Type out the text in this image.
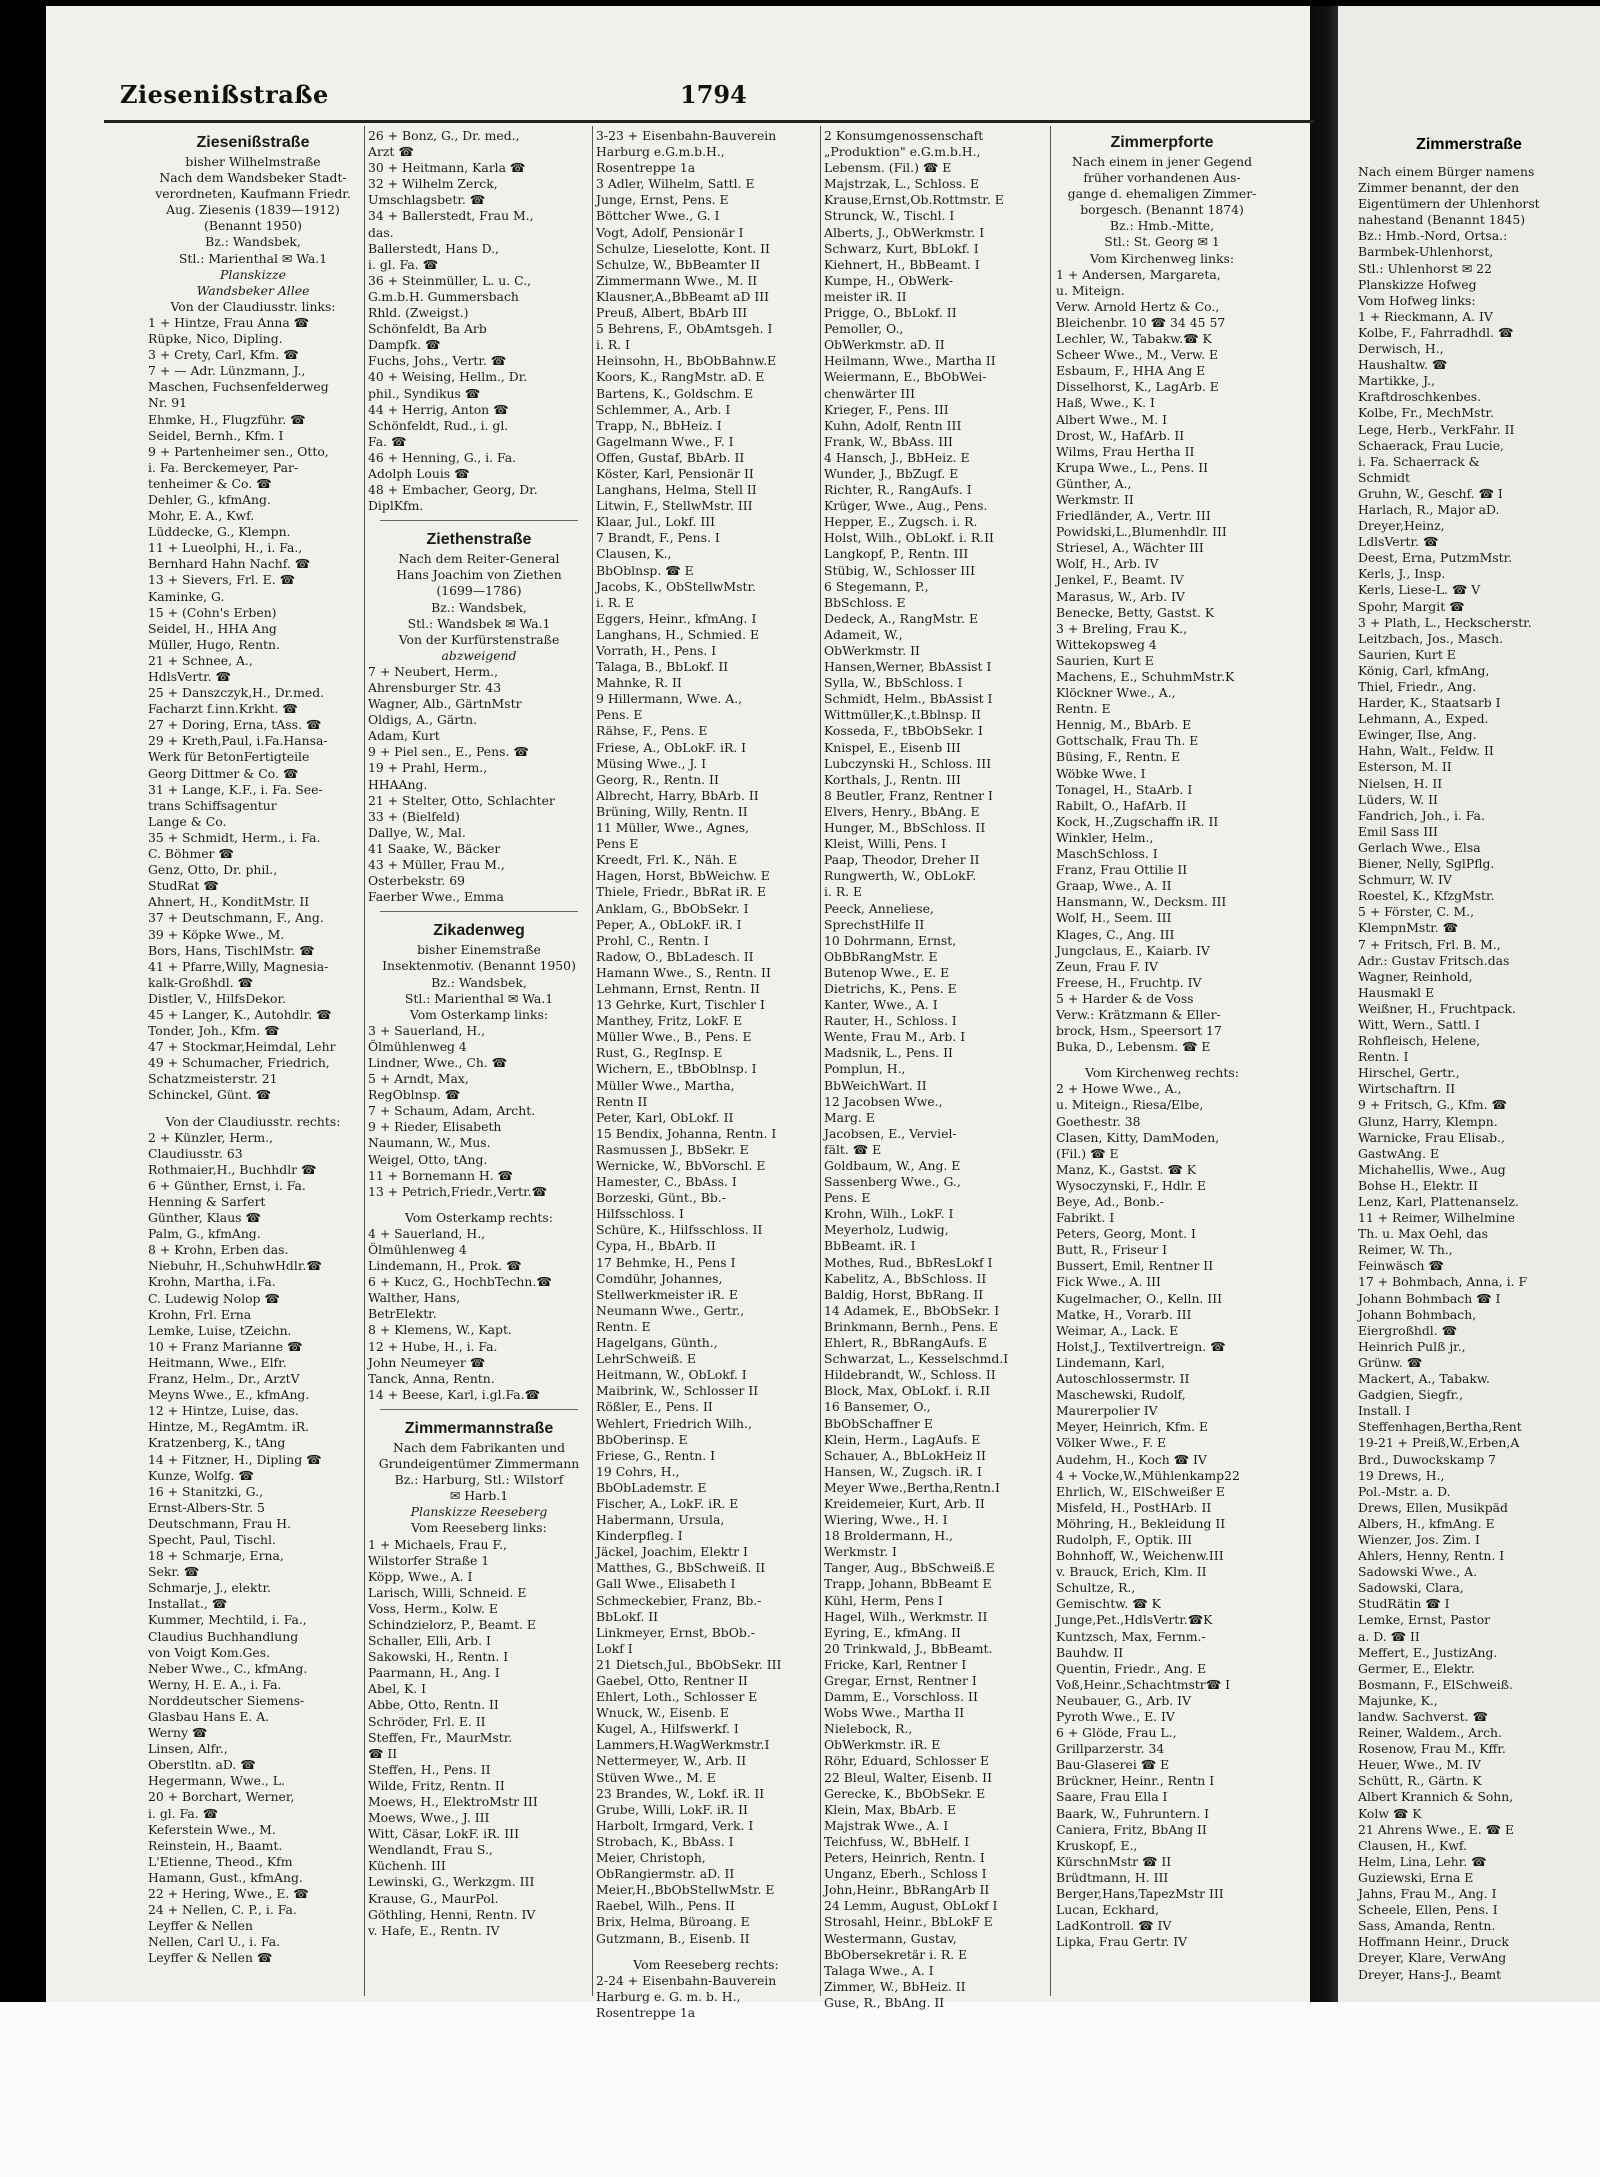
Zimmerstraße
Nach einem Bürger namens
Zimmer benannt, der den
Eigentümern der Uhlenhorst
nahestand (Benannt 1845)
Bz.: Hmb.-Nord, Ortsa.:
Barmbek-Uhlenhorst,
Stl.: Uhlenhorst ✉ 22
Planskizze Hofweg
Vom Hofweg links:
1 + Rieckmann, A. IV
Kolbe, F., Fahrradhdl. ☎
Derwisch, H.,
Haushaltw. ☎
Martikke, J.,
Kraftdroschkenbes.
Kolbe, Fr., MechMstr.
Lege, Herb., VerkFahr. II
Schaerack, Frau Lucie,
i. Fa. Schaerrack &
Schmidt
Gruhn, W., Geschf. ☎ I
Harlach, R., Major aD.
Dreyer,Heinz,
LdlsVertr. ☎
Deest, Erna, PutzmMstr.
Kerls, J., Insp.
Kerls, Liese-L. ☎ V
Spohr, Margit ☎
3 + Plath, L., Heckscherstr.
Leitzbach, Jos., Masch.
Saurien, Kurt E
König, Carl, kfmAng,
Thiel, Friedr., Ang.
Harder, K., Staatsarb I
Lehmann, A., Exped.
Ewinger, Ilse, Ang.
Hahn, Walt., Feldw. II
Esterson, M. II
Nielsen, H. II
Lüders, W. II
Fandrich, Joh., i. Fa.
Emil Sass III
Gerlach Wwe., Elsa
Biener, Nelly, SglPflg.
Schmurr, W. IV
Roestel, K., KfzgMstr.
5 + Förster, C. M.,
KlempnMstr. ☎
7 + Fritsch, Frl. B. M.,
Adr.: Gustav Fritsch.das
Wagner, Reinhold,
Hausmakl E
Weißner, H., Fruchtpack.
Witt, Wern., Sattl. I
Rohfleisch, Helene,
Rentn. I
Hirschel, Gertr.,
Wirtschaftrn. II
9 + Fritsch, G., Kfm. ☎
Glunz, Harry, Klempn.
Warnicke, Frau Elisab.,
GastwAng. E
Michahellis, Wwe., Aug
Bohse H., Elektr. II
Lenz, Karl, Plattenanselz.
11 + Reimer, Wilhelmine
Th. u. Max Oehl, das
Reimer, W. Th.,
Feinwäsch ☎
17 + Bohmbach, Anna, i. F
Johann Bohmbach ☎ I
Johann Bohmbach,
Eiergroßhdl. ☎
Heinrich Pulß jr.,
Grünw. ☎
Mackert, A., Tabakw.
Gadgien, Siegfr.,
Install. I
Steffenhagen,Bertha,Rent
19-21 + Preiß,W.,Erben,A
Brd., Duwockskamp 7
19 Drews, H.,
Pol.-Mstr. a. D.
Drews, Ellen, Musikpäd
Albers, H., kfmAng. E
Wienzer, Jos. Zim. I
Ahlers, Henny, Rentn. I
Sadowski Wwe., A.
Sadowski, Clara,
StudRätin ☎ I
Lemke, Ernst, Pastor
a. D. ☎ II
Meffert, E., JustizAng.
Germer, E., Elektr.
Bosmann, F., ElSchweiß.
Majunke, K.,
landw. Sachverst. ☎
Reiner, Waldem., Arch.
Rosenow, Frau M., Kffr.
Heuer, Wwe., M. IV
Schütt, R., Gärtn. K
Albert Krannich & Sohn,
Kolw ☎ K
21 Ahrens Wwe., E. ☎ E
Clausen, H., Kwf.
Helm, Lina, Lehr. ☎
Guziewski, Erna E
Jahns, Frau M., Ang. I
Scheele, Ellen, Pens. I
Sass, Amanda, Rentn.
Hoffmann Heinr., Druck
Dreyer, Klare, VerwAng
Dreyer, Hans-J., Beamt
Ziesenißstraße	1794
Ziesenißstraße
bisher Wilhelmstraße
Nach dem Wandsbeker Stadt-
verordneten, Kaufmann Friedr.
Aug. Ziesenis (1839—1912)
(Benannt 1950)
Bz.: Wandsbek,
Stl.: Marienthal ✉ Wa.1
Planskizze
Wandsbeker Allee
Von der Claudiusstr. links:
1 + Hintze, Frau Anna ☎
Rüpke, Nico, Dipling.
3 + Crety, Carl, Kfm. ☎
7 + — Adr. Lünzmann, J.,
Maschen, Fuchsenfelderweg
Nr. 91
Ehmke, H., Flugzführ. ☎
Seidel, Bernh., Kfm. I
9 + Partenheimer sen., Otto,
i. Fa. Berckemeyer, Par-
tenheimer & Co. ☎
Dehler, G., kfmAng.
Mohr, E. A., Kwf.
Lüddecke, G., Klempn.
11 + Lueolphi, H., i. Fa.,
Bernhard Hahn Nachf. ☎
13 + Sievers, Frl. E. ☎
Kaminke, G.
15 + (Cohn's Erben)
Seidel, H., HHA Ang
Müller, Hugo, Rentn.
21 + Schnee, A.,
HdlsVertr. ☎
25 + Danszczyk,H., Dr.med.
Facharzt f.inn.Krkht. ☎
27 + Doring, Erna, tAss. ☎
29 + Kreth,Paul, i.Fa.Hansa-
Werk für BetonFertigteile
Georg Dittmer & Co. ☎
31 + Lange, K.F., i. Fa. See-
trans Schiffsagentur
Lange & Co.
35 + Schmidt, Herm., i. Fa.
C. Böhmer ☎
Genz, Otto, Dr. phil.,
StudRat ☎
Ahnert, H., KonditMstr. II
37 + Deutschmann, F., Ang.
39 + Köpke Wwe., M.
Bors, Hans, TischlMstr. ☎
41 + Pfarre,Willy, Magnesia-
kalk-Großhdl. ☎
Distler, V., HilfsDekor.
45 + Langer, K., Autohdlr. ☎
Tonder, Joh., Kfm. ☎
47 + Stockmar,Heimdal, Lehr
49 + Schumacher, Friedrich,
Schatzmeisterstr. 21
Schinckel, Günt. ☎
Von der Claudiusstr. rechts:
2 + Künzler, Herm.,
Claudiusstr. 63
Rothmaier,H., Buchhdlr ☎
6 + Günther, Ernst, i. Fa.
Henning & Sarfert
Günther, Klaus ☎
Palm, G., kfmAng.
8 + Krohn, Erben das.
Niebuhr, H.,SchuhwHdlr.☎
Krohn, Martha, i.Fa.
C. Ludewig Nolop ☎
Krohn, Frl. Erna
Lemke, Luise, tZeichn.
10 + Franz Marianne ☎
Heitmann, Wwe., Elfr.
Franz, Helm., Dr., ArztV
Meyns Wwe., E., kfmAng.
12 + Hintze, Luise, das.
Hintze, M., RegAmtm. iR.
Kratzenberg, K., tAng
14 + Fitzner, H., Dipling ☎
Kunze, Wolfg. ☎
16 + Stanitzki, G.,
Ernst-Albers-Str. 5
Deutschmann, Frau H.
Specht, Paul, Tischl.
18 + Schmarje, Erna,
Sekr. ☎
Schmarje, J., elektr.
Installat., ☎
Kummer, Mechtild, i. Fa.,
Claudius Buchhandlung
von Voigt Kom.Ges.
Neber Wwe., C., kfmAng.
Werny, H. E. A., i. Fa.
Norddeutscher Siemens-
Glasbau Hans E. A.
Werny ☎
Linsen, Alfr.,
Oberstltn. aD. ☎
Hegermann, Wwe., L.
20 + Borchart, Werner,
i. gl. Fa. ☎
Keferstein Wwe., M.
Reinstein, H., Baamt.
L'Etienne, Theod., Kfm
Hamann, Gust., kfmAng.
22 + Hering, Wwe., E. ☎
24 + Nellen, C. P., i. Fa.
Leyffer & Nellen
Nellen, Carl U., i. Fa.
Leyffer & Nellen ☎
26 + Bonz, G., Dr. med.,
Arzt ☎
30 + Heitmann, Karla ☎
32 + Wilhelm Zerck,
Umschlagsbetr. ☎
34 + Ballerstedt, Frau M.,
das.
Ballerstedt, Hans D.,
i. gl. Fa. ☎
36 + Steinmüller, L. u. C.,
G.m.b.H. Gummersbach
Rhld. (Zweigst.)
Schönfeldt, Ba Arb
Dampfk. ☎
Fuchs, Johs., Vertr. ☎
40 + Weising, Hellm., Dr.
phil., Syndikus ☎
44 + Herrig, Anton ☎
Schönfeldt, Rud., i. gl.
Fa. ☎
46 + Henning, G., i. Fa.
Adolph Louis ☎
48 + Embacher, Georg, Dr.
DiplKfm.
Ziethenstraße
Nach dem Reiter-General
Hans Joachim von Ziethen
(1699—1786)
Bz.: Wandsbek,
Stl.: Wandsbek ✉ Wa.1
Von der Kurfürstenstraße
abzweigend
7 + Neubert, Herm.,
Ahrensburger Str. 43
Wagner, Alb., GärtnMstr
Oldigs, A., Gärtn.
Adam, Kurt
9 + Piel sen., E., Pens. ☎
19 + Prahl, Herm.,
HHAAng.
21 + Stelter, Otto, Schlachter
33 + (Bielfeld)
Dallye, W., Mal.
41 Saake, W., Bäcker
43 + Müller, Frau M.,
Osterbekstr. 69
Faerber Wwe., Emma
Zikadenweg
bisher Einemstraße
Insektenmotiv. (Benannt 1950)
Bz.: Wandsbek,
Stl.: Marienthal ✉ Wa.1
Vom Osterkamp links:
3 + Sauerland, H.,
Ölmühlenweg 4
Lindner, Wwe., Ch. ☎
5 + Arndt, Max,
RegOblnsp. ☎
7 + Schaum, Adam, Archt.
9 + Rieder, Elisabeth
Naumann, W., Mus.
Weigel, Otto, tAng.
11 + Bornemann H. ☎
13 + Petrich,Friedr.,Vertr.☎
Vom Osterkamp rechts:
4 + Sauerland, H.,
Ölmühlenweg 4
Lindemann, H., Prok. ☎
6 + Kucz, G., HochbTechn.☎
Walther, Hans,
BetrElektr.
8 + Klemens, W., Kapt.
12 + Hube, H., i. Fa.
John Neumeyer ☎
Tanck, Anna, Rentn.
14 + Beese, Karl, i.gl.Fa.☎
Zimmermannstraße
Nach dem Fabrikanten und
Grundeigentümer Zimmermann
Bz.: Harburg, Stl.: Wilstorf
✉ Harb.1
Planskizze Reeseberg
Vom Reeseberg links:
1 + Michaels, Frau F.,
Wilstorfer Straße 1
Köpp, Wwe., A. I
Larisch, Willi, Schneid. E
Voss, Herm., Kolw. E
Schindzielorz, P., Beamt. E
Schaller, Elli, Arb. I
Sakowski, H., Rentn. I
Paarmann, H., Ang. I
Abel, K. I
Abbe, Otto, Rentn. II
Schröder, Frl. E. II
Steffen, Fr., MaurMstr.
☎ II
Steffen, H., Pens. II
Wilde, Fritz, Rentn. II
Moews, H., ElektroMstr III
Moews, Wwe., J. III
Witt, Cäsar, LokF. iR. III
Wendlandt, Frau S.,
Küchenh. III
Lewinski, G., Werkzgm. III
Krause, G., MaurPol.
Göthling, Henni, Rentn. IV
v. Hafe, E., Rentn. IV
3-23 + Eisenbahn-Bauverein
Harburg e.G.m.b.H.,
Rosentreppe 1a
3 Adler, Wilhelm, Sattl. E
Junge, Ernst, Pens. E
Böttcher Wwe., G. I
Vogt, Adolf, Pensionär I
Schulze, Lieselotte, Kont. II
Schulze, W., BbBeamter II
Zimmermann Wwe., M. II
Klausner,A.,BbBeamt aD III
Preuß, Albert, BbArb III
5 Behrens, F., ObAmtsgeh. I
i. R. I
Heinsohn, H., BbObBahnw.E
Koors, K., RangMstr. aD. E
Bartens, K., Goldschm. E
Schlemmer, A., Arb. I
Trapp, N., BbHeiz. I
Gagelmann Wwe., F. I
Offen, Gustaf, BbArb. II
Köster, Karl, Pensionär II
Langhans, Helma, Stell II
Litwin, F., StellwMstr. III
Klaar, Jul., Lokf. III
7 Brandt, F., Pens. I
Clausen, K.,
BbOblnsp. ☎ E
Jacobs, K., ObStellwMstr.
i. R. E
Eggers, Heinr., kfmAng. I
Langhans, H., Schmied. E
Vorrath, H., Pens. I
Talaga, B., BbLokf. II
Mahnke, R. II
9 Hillermann, Wwe. A.,
Pens. E
Rähse, F., Pens. E
Friese, A., ObLokF. iR. I
Müsing Wwe., J. I
Georg, R., Rentn. II
Albrecht, Harry, BbArb. II
Brüning, Willy, Rentn. II
11 Müller, Wwe., Agnes,
Pens E
Kreedt, Frl. K., Näh. E
Hagen, Horst, BbWeichw. E
Thiele, Friedr., BbRat iR. E
Anklam, G., BbObSekr. I
Peper, A., ObLokF. iR. I
Prohl, C., Rentn. I
Radow, O., BbLadesch. II
Hamann Wwe., S., Rentn. II
Lehmann, Ernst, Rentn. II
13 Gehrke, Kurt, Tischler I
Manthey, Fritz, LokF. E
Müller Wwe., B., Pens. E
Rust, G., RegInsp. E
Wichern, E., tBbOblnsp. I
Müller Wwe., Martha,
Rentn II
Peter, Karl, ObLokf. II
15 Bendix, Johanna, Rentn. I
Rasmussen J., BbSekr. E
Wernicke, W., BbVorschl. E
Hamester, C., BbAss. I
Borzeski, Günt., Bb.-
Hilfsschloss. I
Schüre, K., Hilfsschloss. II
Cypa, H., BbArb. II
17 Behmke, H., Pens I
Comdühr, Johannes,
Stellwerkmeister iR. E
Neumann Wwe., Gertr.,
Rentn. E
Hagelgans, Günth.,
LehrSchweiß. E
Heitmann, W., ObLokf. I
Maibrink, W., Schlosser II
Rößler, E., Pens. II
Wehlert, Friedrich Wilh.,
BbOberinsp. E
Friese, G., Rentn. I
19 Cohrs, H.,
BbObLademstr. E
Fischer, A., LokF. iR. E
Habermann, Ursula,
Kinderpfleg. I
Jäckel, Joachim, Elektr I
Matthes, G., BbSchweiß. II
Gall Wwe., Elisabeth I
Schmeckebier, Franz, Bb.-
BbLokf. II
Linkmeyer, Ernst, BbOb.-
Lokf I
21 Dietsch,Jul., BbObSekr. III
Gaebel, Otto, Rentner II
Ehlert, Loth., Schlosser E
Wnuck, W., Eisenb. E
Kugel, A., Hilfswerkf. I
Lammers,H.WagWerkmstr.I
Nettermeyer, W., Arb. II
Stüven Wwe., M. E
23 Brandes, W., Lokf. iR. II
Grube, Willi, LokF. iR. II
Harbolt, Irmgard, Verk. I
Strobach, K., BbAss. I
Meier, Christoph,
ObRangiermstr. aD. II
Meier,H.,BbObStellwMstr. E
Raebel, Wilh., Pens. II
Brix, Helma, Büroang. E
Gutzmann, B., Eisenb. II
Vom Reeseberg rechts:
2-24 + Eisenbahn-Bauverein
Harburg e. G. m. b. H.,
Rosentreppe 1a
2 Konsumgenossenschaft
„Produktion" e.G.m.b.H.,
Lebensm. (Fil.) ☎ E
Majstrzak, L., Schloss. E
Krause,Ernst,Ob.Rottmstr. E
Strunck, W., Tischl. I
Alberts, J., ObWerkmstr. I
Schwarz, Kurt, BbLokf. I
Kiehnert, H., BbBeamt. I
Kumpe, H., ObWerk-
meister iR. II
Prigge, O., BbLokf. II
Pemoller, O.,
ObWerkmstr. aD. II
Heilmann, Wwe., Martha II
Weiermann, E., BbObWei-
chenwärter III
Krieger, F., Pens. III
Kuhn, Adolf, Rentn III
Frank, W., BbAss. III
4 Hansch, J., BbHeiz. E
Wunder, J., BbZugf. E
Richter, R., RangAufs. I
Krüger, Wwe., Aug., Pens.
Hepper, E., Zugsch. i. R.
Holst, Wilh., ObLokf. i. R.II
Langkopf, P., Rentn. III
Stübig, W., Schlosser III
6 Stegemann, P.,
BbSchloss. E
Dedeck, A., RangMstr. E
Adameit, W.,
ObWerkmstr. II
Hansen,Werner, BbAssist I
Sylla, W., BbSchloss. I
Schmidt, Helm., BbAssist I
Wittmüller,K.,t.Bblnsp. II
Kosseda, F., tBbObSekr. I
Knispel, E., Eisenb III
Lubczynski H., Schloss. III
Korthals, J., Rentn. III
8 Beutler, Franz, Rentner I
Elvers, Henry., BbAng. E
Hunger, M., BbSchloss. II
Kleist, Willi, Pens. I
Paap, Theodor, Dreher II
Rungwerth, W., ObLokF.
i. R. E
Peeck, Anneliese,
SprechstHilfe II
10 Dohrmann, Ernst,
ObBbRangMstr. E
Butenop Wwe., E. E
Dietrichs, K., Pens. E
Kanter, Wwe., A. I
Rauter, H., Schloss. I
Wente, Frau M., Arb. I
Madsnik, L., Pens. II
Pomplun, H.,
BbWeichWart. II
12 Jacobsen Wwe.,
Marg. E
Jacobsen, E., Verviel-
fält. ☎ E
Goldbaum, W., Ang. E
Sassenberg Wwe., G.,
Pens. E
Krohn, Wilh., LokF. I
Meyerholz, Ludwig,
BbBeamt. iR. I
Mothes, Rud., BbResLokf I
Kabelitz, A., BbSchloss. II
Baldig, Horst, BbRang. II
14 Adamek, E., BbObSekr. I
Brinkmann, Bernh., Pens. E
Ehlert, R., BbRangAufs. E
Schwarzat, L., Kesselschmd.I
Hildebrandt, W., Schloss. II
Block, Max, ObLokf. i. R.II
16 Bansemer, O.,
BbObSchaffner E
Klein, Herm., LagAufs. E
Schauer, A., BbLokHeiz II
Hansen, W., Zugsch. iR. I
Meyer Wwe.,Bertha,Rentn.I
Kreidemeier, Kurt, Arb. II
Wiering, Wwe., H. I
18 Broldermann, H.,
Werkmstr. I
Tanger, Aug., BbSchweiß.E
Trapp, Johann, BbBeamt E
Kühl, Herm, Pens I
Hagel, Wilh., Werkmstr. II
Eyring, E., kfmAng. II
20 Trinkwald, J., BbBeamt.
Fricke, Karl, Rentner I
Gregar, Ernst, Rentner I
Damm, E., Vorschloss. II
Wobs Wwe., Martha II
Nielebock, R.,
ObWerkmstr. iR. E
Röhr, Eduard, Schlosser E
22 Bleul, Walter, Eisenb. II
Gerecke, K., BbObSekr. E
Klein, Max, BbArb. E
Majstrak Wwe., A. I
Teichfuss, W., BbHelf. I
Peters, Heinrich, Rentn. I
Unganz, Eberh., Schloss I
John,Heinr., BbRangArb II
24 Lemm, August, ObLokf I
Strosahl, Heinr., BbLokF E
Westermann, Gustav,
BbObersekretär i. R. E
Talaga Wwe., A. I
Zimmer, W., BbHeiz. II
Guse, R., BbAng. II
Zimmerpforte
Nach einem in jener Gegend
früher vorhandenen Aus-
gange d. ehemaligen Zimmer-
borgesch. (Benannt 1874)
Bz.: Hmb.-Mitte,
Stl.: St. Georg ✉ 1
Vom Kirchenweg links:
1 + Andersen, Margareta,
u. Miteign.
Verw. Arnold Hertz & Co.,
Bleichenbr. 10 ☎ 34 45 57
Lechler, W., Tabakw.☎ K
Scheer Wwe., M., Verw. E
Esbaum, F., HHA Ang E
Disselhorst, K., LagArb. E
Haß, Wwe., K. I
Albert Wwe., M. I
Drost, W., HafArb. II
Wilms, Frau Hertha II
Krupa Wwe., L., Pens. II
Günther, A.,
Werkmstr. II
Friedländer, A., Vertr. III
Powidski,L.,Blumenhdlr. III
Striesel, A., Wächter III
Wolf, H., Arb. IV
Jenkel, F., Beamt. IV
Marasus, W., Arb. IV
Benecke, Betty, Gastst. K
3 + Breling, Frau K.,
Wittekopsweg 4
Saurien, Kurt E
Machens, E., SchuhmMstr.K
Klöckner Wwe., A.,
Rentn. E
Hennig, M., BbArb. E
Gottschalk, Frau Th. E
Büsing, F., Rentn. E
Wöbke Wwe. I
Tonagel, H., StaArb. I
Rabilt, O., HafArb. II
Kock, H.,Zugschaffn iR. II
Winkler, Helm.,
MaschSchloss. I
Franz, Frau Ottilie II
Graap, Wwe., A. II
Hansmann, W., Decksm. III
Wolf, H., Seem. III
Klages, C., Ang. III
Jungclaus, E., Kaiarb. IV
Zeun, Frau F. IV
Freese, H., Fruchtp. IV
5 + Harder & de Voss
Verw.: Krätzmann & Eller-
brock, Hsm., Speersort 17
Buka, D., Lebensm. ☎ E
Vom Kirchenweg rechts:
2 + Howe Wwe., A.,
u. Miteign., Riesa/Elbe,
Goethestr. 38
Clasen, Kitty, DamModen,
(Fil.) ☎ E
Manz, K., Gastst. ☎ K
Wysoczynski, F., Hdlr. E
Beye, Ad., Bonb.-
Fabrikt. I
Peters, Georg, Mont. I
Butt, R., Friseur I
Bussert, Emil, Rentner II
Fick Wwe., A. III
Kugelmacher, O., Kelln. III
Matke, H., Vorarb. III
Weimar, A., Lack. E
Holst,J., Textilvertreign. ☎
Lindemann, Karl,
Autoschlossermstr. II
Maschewski, Rudolf,
Maurerpolier IV
Meyer, Heinrich, Kfm. E
Völker Wwe., F. E
Audehm, H., Koch ☎ IV
4 + Vocke,W.,Mühlenkamp22
Ehrlich, W., ElSchweißer E
Misfeld, H., PostHArb. II
Möhring, H., Bekleidung II
Rudolph, F., Optik. III
Bohnhoff, W., Weichenw.III
v. Brauck, Erich, Klm. II
Schultze, R.,
Gemischtw. ☎ K
Junge,Pet.,HdlsVertr.☎K
Kuntzsch, Max, Fernm.-
Bauhdw. II
Quentin, Friedr., Ang. E
Voß,Heinr.,Schachtmstr☎ I
Neubauer, G., Arb. IV
Pyroth Wwe., E. IV
6 + Glöde, Frau L.,
Grillparzerstr. 34
Bau-Glaserei ☎ E
Brückner, Heinr., Rentn I
Saare, Frau Ella I
Baark, W., Fuhruntern. I
Caniera, Fritz, BbAng II
Kruskopf, E.,
KürschnMstr ☎ II
Brüdtmann, H. III
Berger,Hans,TapezMstr III
Lucan, Eckhard,
LadKontroll. ☎ IV
Lipka, Frau Gertr. IV
